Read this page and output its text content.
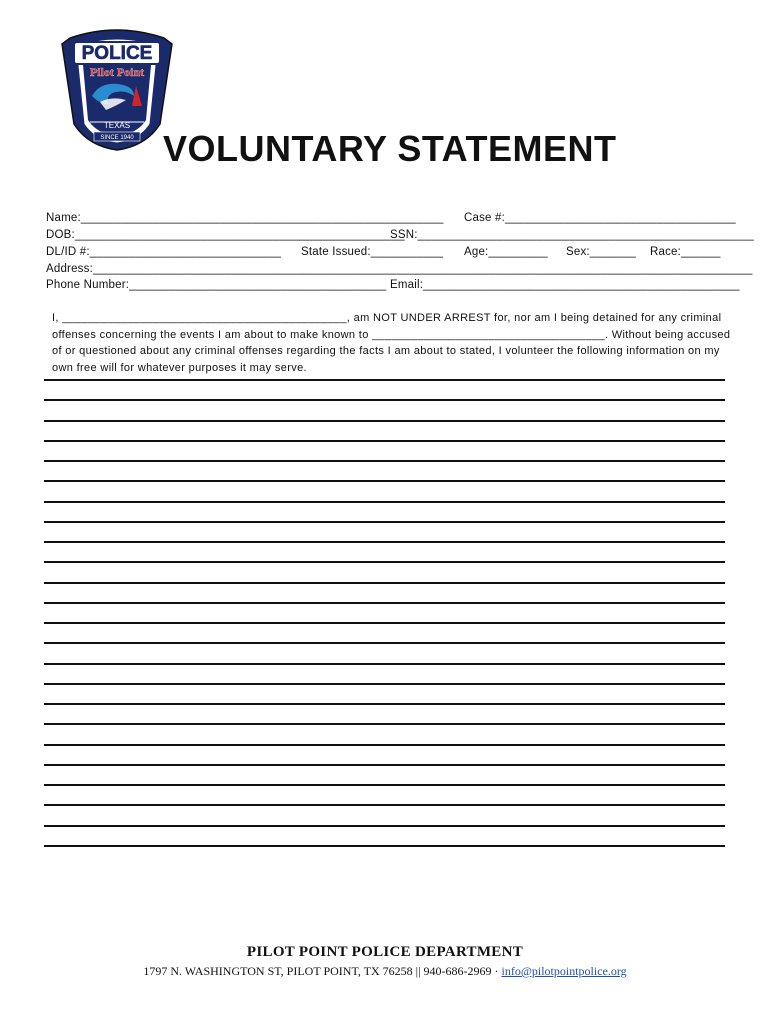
POLICE
Pilot Point
TEXAS
SINCE 1940 VOLUNTARY STATEMENT
Name:_______________________________________________________ Case #:___________________________________
DOB:__________________________________________________
SSN:___________________________________________________
DL/ID #:_____________________________ State Issued:___________ Age:_________ Sex:_______ Race:______
Address:____________________________________________________________________________________________________
Phone Number:_______________________________________ Email:________________________________________________

I, ____________________________________________, am NOT UNDER ARREST for, nor am I being detained for any criminal

offenses concerning the events I am about to make known to ____________________________________. Without being accused

of or questioned about any criminal offenses regarding the facts I am about to stated, I volunteer the following information on my

own free will for whatever purposes it may serve.

PILOT POINT POLICE DEPARTMENT
1797 N. WASHINGTON ST, PILOT POINT, TX 76258 || 940-686-2969 · info@pilotpointpolice.org
